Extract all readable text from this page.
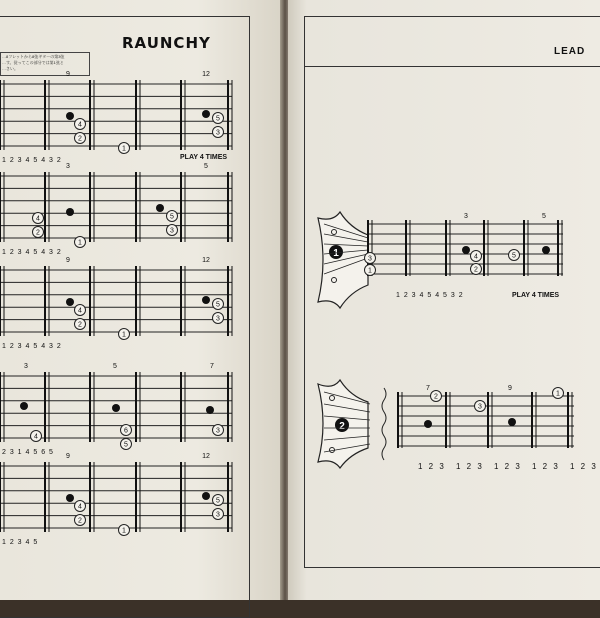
…8フレットから8弦ギターの第3弦
…す。従ってこの部分では第1弦と
…さい。
RAUNCHY
9	12
1 2 3 4 5 4 3 2	PLAY 4 TIMES
3	5
1 2 3 4 5 4 3 2
9	12
1 2 3 4 5 4 3 2
3	5	7
2 3 1 4 5 6 5
9	12
1 2 3 4 5
4
2
5
3
1
4
2
5
3
1
4
2
5
3
1
4
2
5
3
1
4
6
5
3
LEAD
1
3	5
3
1
4
2
5
1 2 3 4 5 4 5 3 2	PLAY 4 TIMES
2
7	9
2
3
1
1 2 3 1 2 3 1 2 3 1 2 3 1 2 3
